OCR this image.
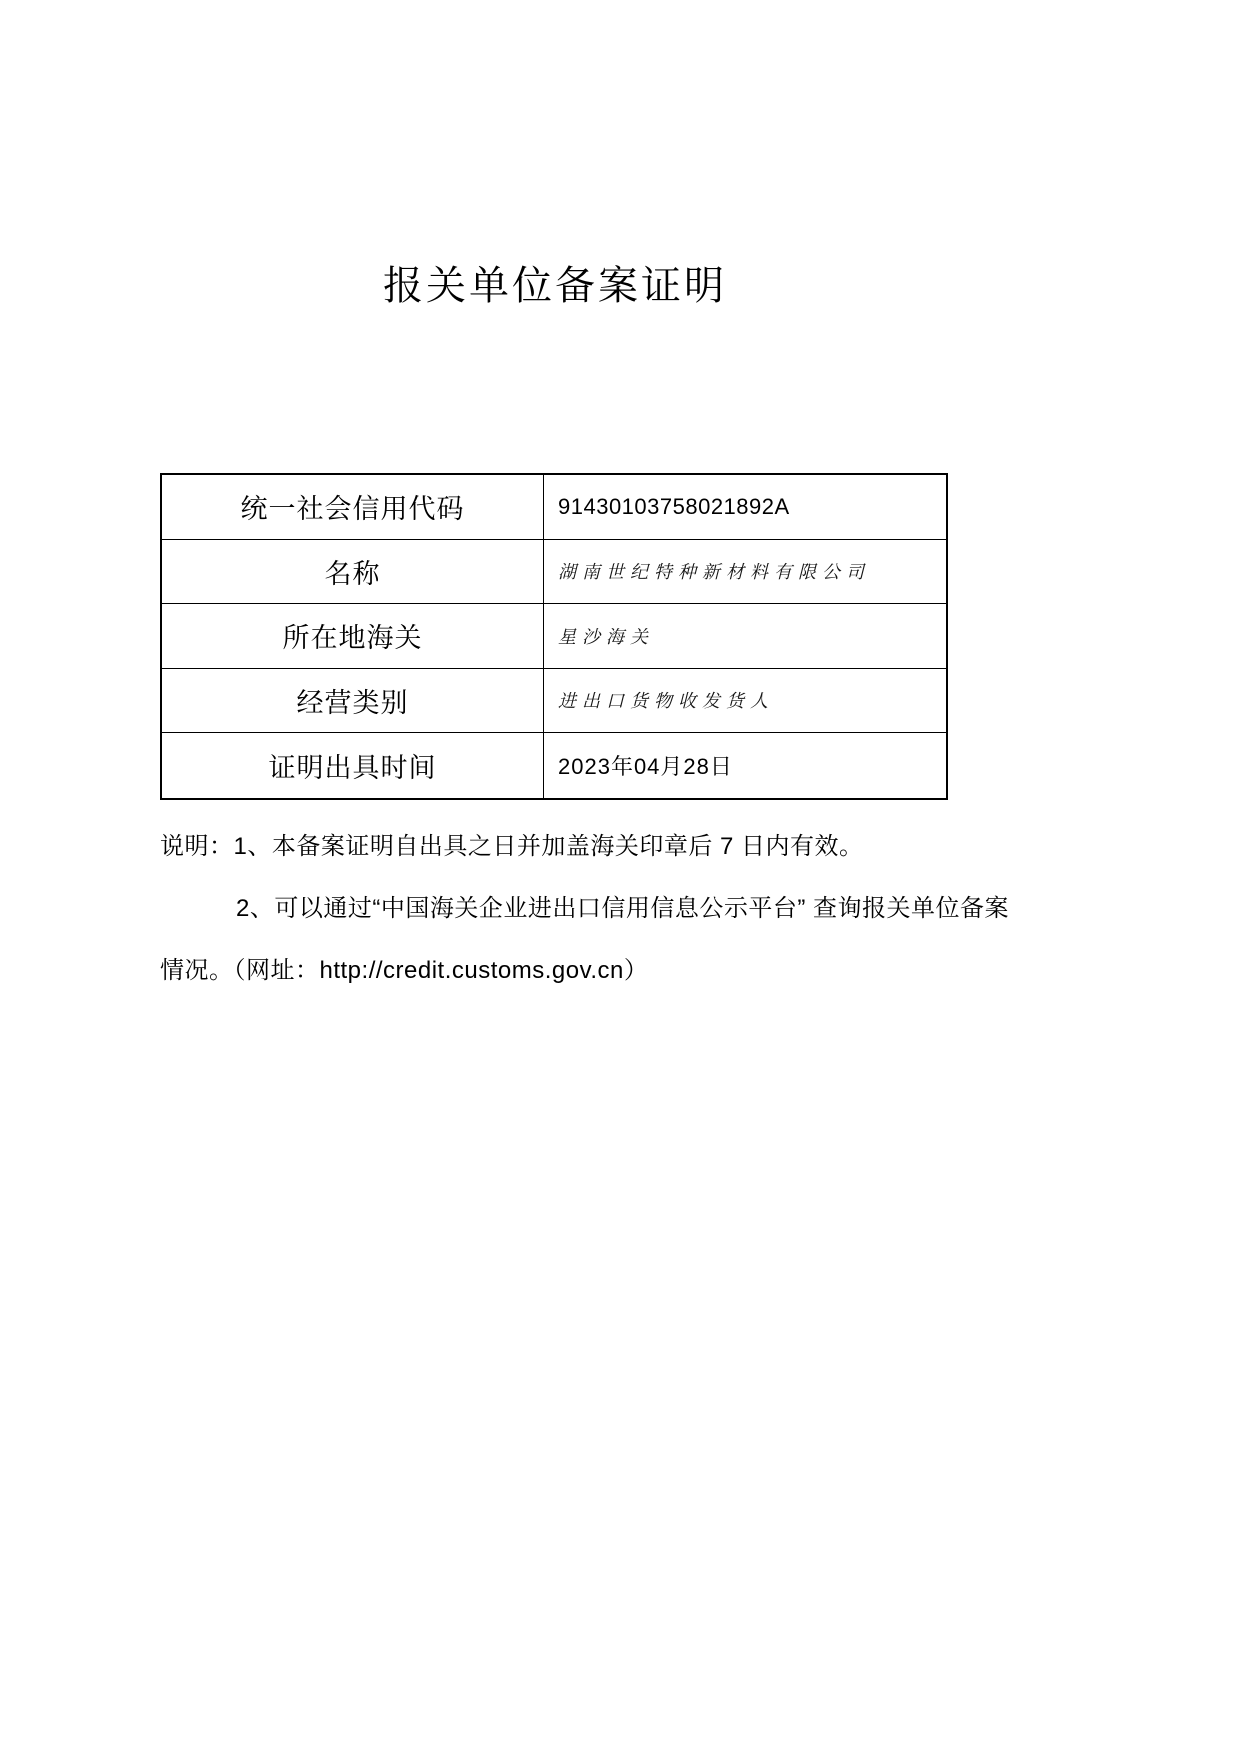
报关单位备案证明
统一社会信用代码	91430103758021892A
名称	湖南世纪特种新材料有限公司
所在地海关	星沙海关
经营类别	进出口货物收发货人
证明出具时间	2023年04月28日
说明：1、本备案证明自出具之日并加盖海关印章后 7 日内有效。
2、可以通过“中国海关企业进出口信用信息公示平台” 查询报关单位备案
情况。（网址：http://credit.customs.gov.cn）
